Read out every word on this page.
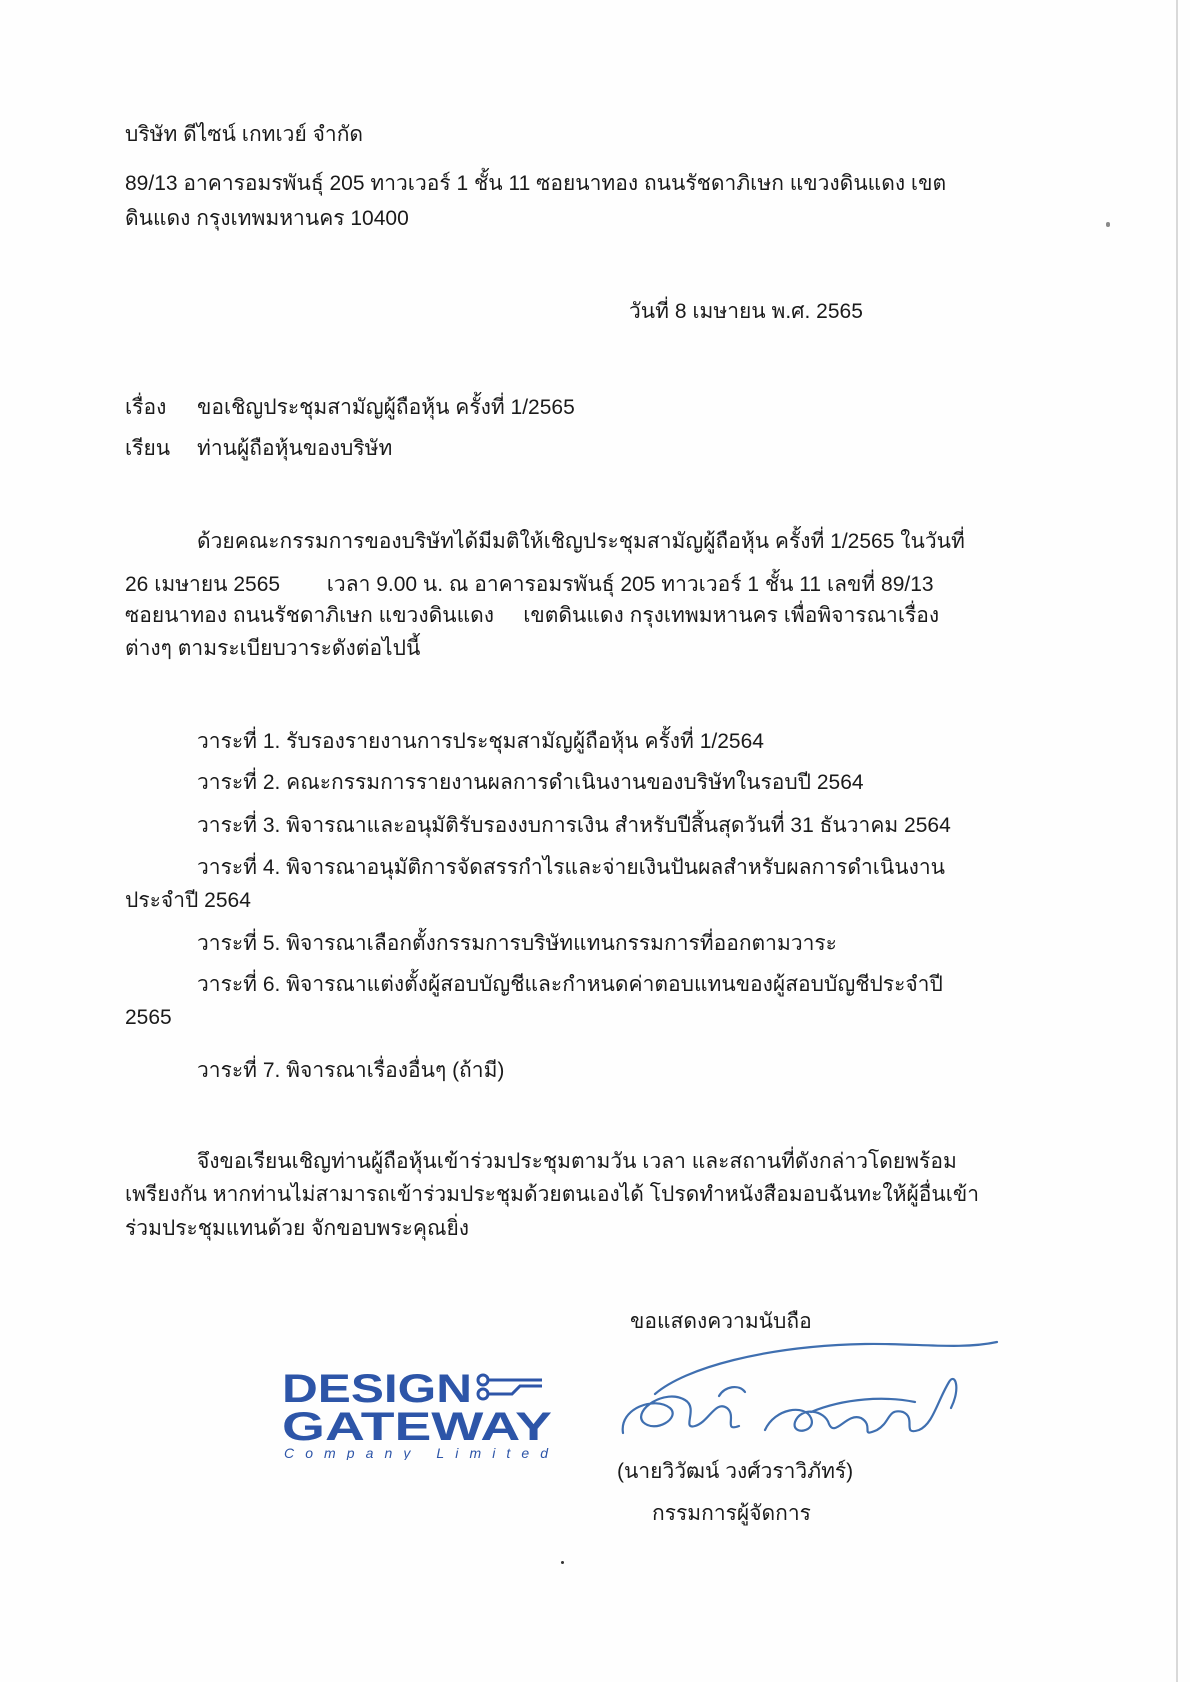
บริษัท ดีไซน์ เกทเวย์ จำกัด
89/13 อาคารอมรพันธุ์ 205 ทาวเวอร์ 1 ชั้น 11 ซอยนาทอง ถนนรัชดาภิเษก แขวงดินแดง เขต
ดินแดง กรุงเทพมหานคร 10400
วันที่ 8 เมษายน พ.ศ. 2565
เรื่อง ขอเชิญประชุมสามัญผู้ถือหุ้น ครั้งที่ 1/2565
เรียน ท่านผู้ถือหุ้นของบริษัท
ด้วยคณะกรรมการของบริษัทได้มีมติให้เชิญประชุมสามัญผู้ถือหุ้น ครั้งที่ 1/2565 ในวันที่
26 เมษายน 2565        เวลา 9.00 น. ณ อาคารอมรพันธุ์ 205 ทาวเวอร์ 1 ชั้น 11 เลขที่ 89/13
ซอยนาทอง ถนนรัชดาภิเษก แขวงดินแดง     เขตดินแดง กรุงเทพมหานคร เพื่อพิจารณาเรื่อง
ต่างๆ ตามระเบียบวาระดังต่อไปนี้
วาระที่ 1. รับรองรายงานการประชุมสามัญผู้ถือหุ้น ครั้งที่ 1/2564
วาระที่ 2. คณะกรรมการรายงานผลการดำเนินงานของบริษัทในรอบปี 2564
วาระที่ 3. พิจารณาและอนุมัติรับรองงบการเงิน สำหรับปีสิ้นสุดวันที่ 31 ธันวาคม 2564
วาระที่ 4. พิจารณาอนุมัติการจัดสรรกำไรและจ่ายเงินปันผลสำหรับผลการดำเนินงาน
ประจำปี 2564
วาระที่ 5. พิจารณาเลือกตั้งกรรมการบริษัทแทนกรรมการที่ออกตามวาระ
วาระที่ 6. พิจารณาแต่งตั้งผู้สอบบัญชีและกำหนดค่าตอบแทนของผู้สอบบัญชีประจำปี
2565
วาระที่ 7. พิจารณาเรื่องอื่นๆ (ถ้ามี)
จึงขอเรียนเชิญท่านผู้ถือหุ้นเข้าร่วมประชุมตามวัน เวลา และสถานที่ดังกล่าวโดยพร้อม
เพรียงกัน หากท่านไม่สามารถเข้าร่วมประชุมด้วยตนเองได้ โปรดทำหนังสือมอบฉันทะให้ผู้อื่นเข้า
ร่วมประชุมแทนด้วย จักขอบพระคุณยิ่ง
ขอแสดงความนับถือ
DESIGN
GATEWAY
Company Limited
(นายวิวัฒน์ วงศ์วราวิภัทร์)
กรรมการผู้จัดการ
